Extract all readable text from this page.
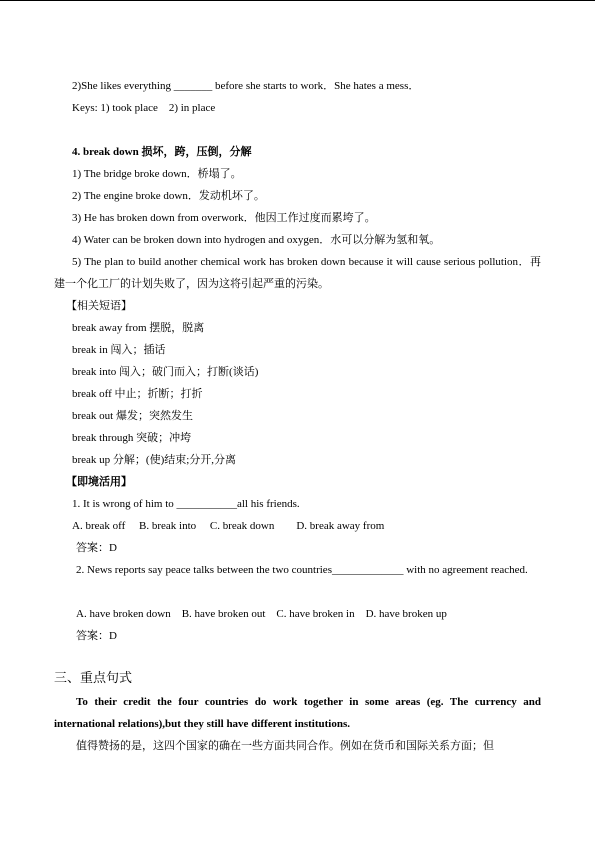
2)She likes everything _______ before she starts to work．She hates a mess．
Keys: 1) took place　2) in place
4. break down 损坏，跨，压倒，分解
1) The bridge broke down．桥塌了。
2) The engine broke down．发动机坏了。
3) He has broken down from overwork．他因工作过度而累垮了。
4) Water can be broken down into hydrogen and oxygen．水可以分解为氢和氧。
5) The plan to build another chemical work has broken down because it will cause serious pollution．再建一个化工厂的计划失败了，因为这将引起严重的污染。
【相关短语】
break away from 摆脱，脱离
break in 闯入；插话
break into 闯入；破门而入；打断(谈话)
break off 中止；折断；打折
break out 爆发；突然发生
break through 突破；冲垮
break up 分解；(使)结束;分开,分离
【即境活用】
1. It is wrong of him to ___________all his friends.
A. break off　 B. break into　 C. break down　　D. break away from
答案：D
2. News reports say peace talks between the two countries_____________ with no agreement reached.
A. have broken down　B. have broken out　C. have broken in　D. have broken up
答案：D
三、重点句式
To their credit the four countries do work together in some areas (eg. The currency and international relations),but they still have different institutions.
值得赞扬的是，这四个国家的确在一些方面共同合作。例如在货币和国际关系方面；但
